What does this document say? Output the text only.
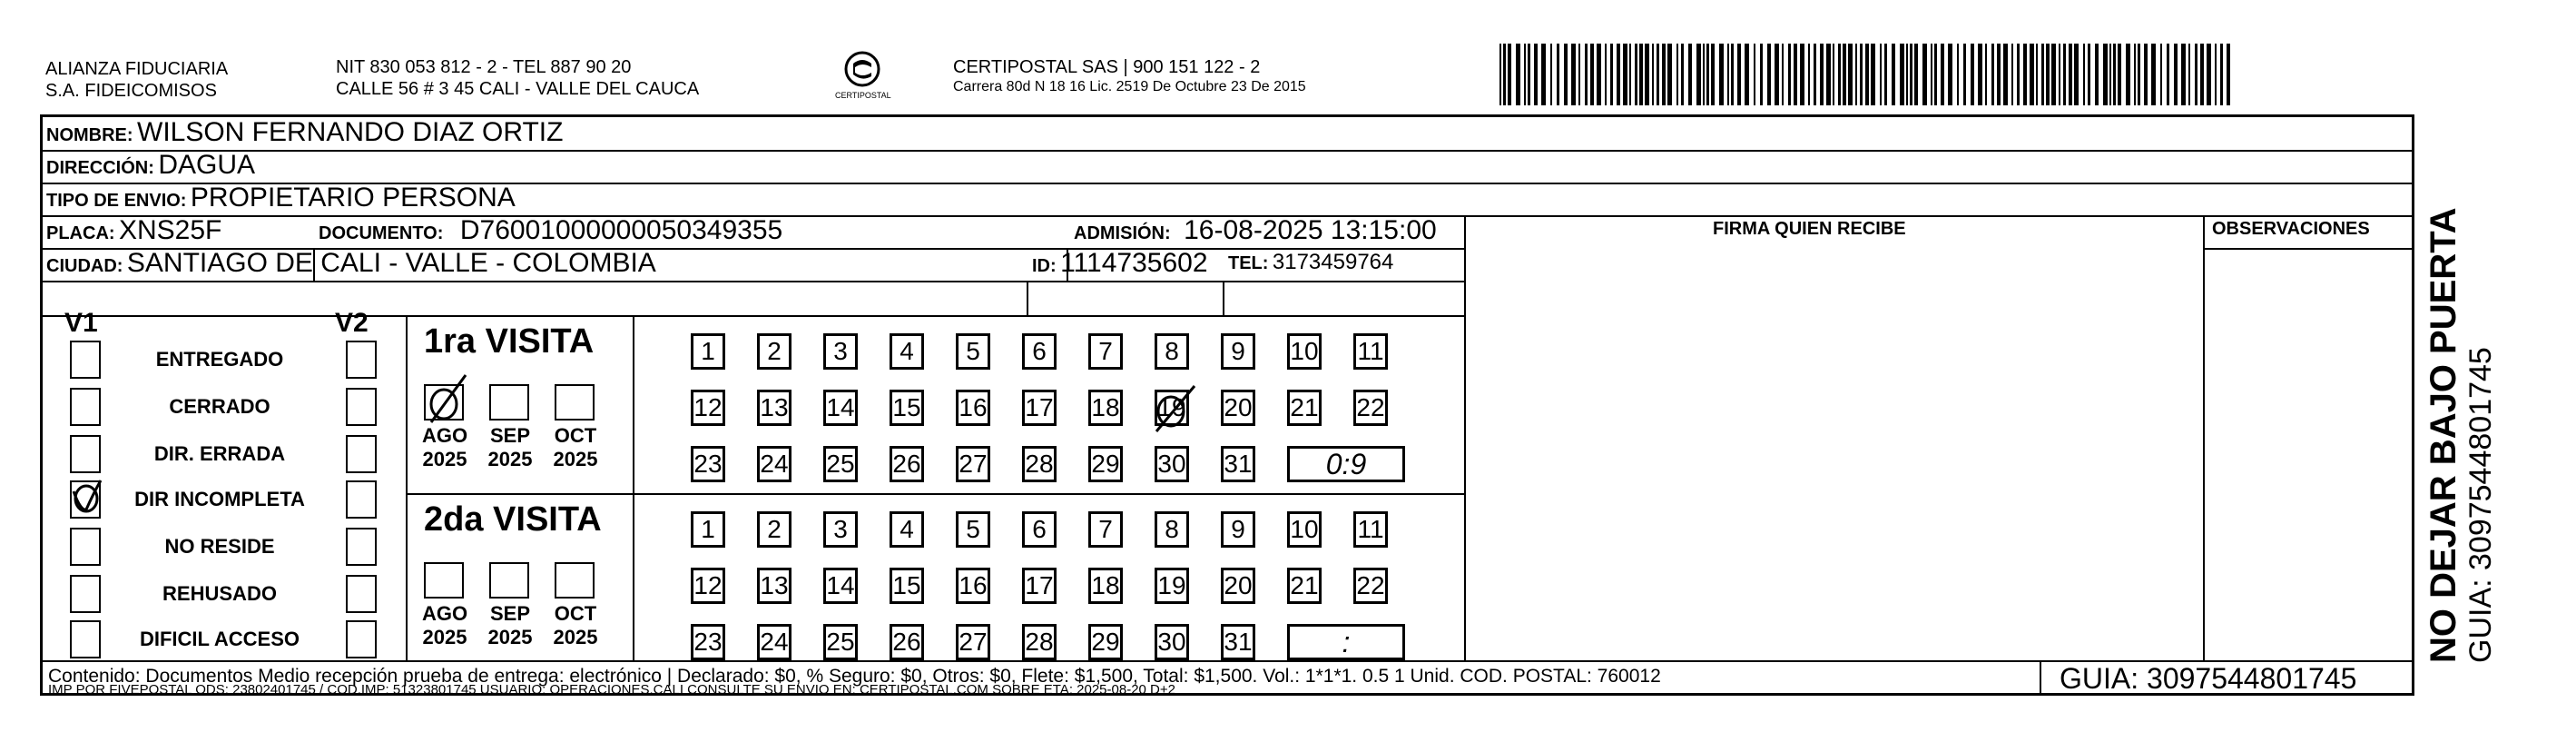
ALIANZA FIDUCIARIA
S.A. FIDEICOMISOS
NIT 830 053 812 - 2 - TEL 887 90 20
CALLE 56 # 3 45 CALI - VALLE DEL CAUCA	CERTIPOSTAL
CERTIPOSTAL SAS | 900 151 122 - 2
Carrera 80d N 18 16 Lic. 2519 De Octubre 23 De 2015
NOMBRE: WILSON FERNANDO DIAZ ORTIZ
DIRECCIÓN: DAGUA
TIPO DE ENVIO: PROPIETARIO PERSONA
PLACA: XNS25F	DOCUMENTO: D76001000000050349355	ADMISIÓN: 16-08-2025 13:15:00
CIUDAD: SANTIAGO DE CALI - VALLE - COLOMBIA	ID: 1114735602 TEL: 3173459764
FIRMA QUIEN RECIBE	OBSERVACIONES
V1	V2
ENTREGADO
CERRADO
DIR. ERRADA
DIR INCOMPLETA
NO RESIDE
REHUSADO
DIFICIL ACCESO
1ra VISITA
AGO
2025
SEP
2025
OCT
2025
1	2	3	4	5	6	7	8	9	10 11
12 13 14 15 16 17 18 19 20 21 22
23 24 25 26 27 28 29 30 31	0:9
2da VISITA
AGO
2025
SEP
2025
OCT
2025
1	2	3	4	5	6	7	8	9	10 11
12 13 14 15 16 17 18 19 20 21 22
23 24 25 26 27 28 29 30 31	:
Contenido: Documentos Medio recepción prueba de entrega: electrónico | Declarado: $0, % Seguro: $0, Otros: $0, Flete: $1,500, Total: $1,500. Vol.: 1*1*1. 0.5 1 Unid. COD. POSTAL: 760012
IMP POR FIVEPOSTAL ODS: 23802401745 / COD.IMP: 51323801745 USUARIO: OPERACIONES.CALI CONSULTE SU ENVIO EN: CERTIPOSTAL.COM SOBRE ETA: 2025-08-20 D+2	GUIA: 3097544801745
NO DEJAR BAJO PUERTA GUIA: 3097544801745
